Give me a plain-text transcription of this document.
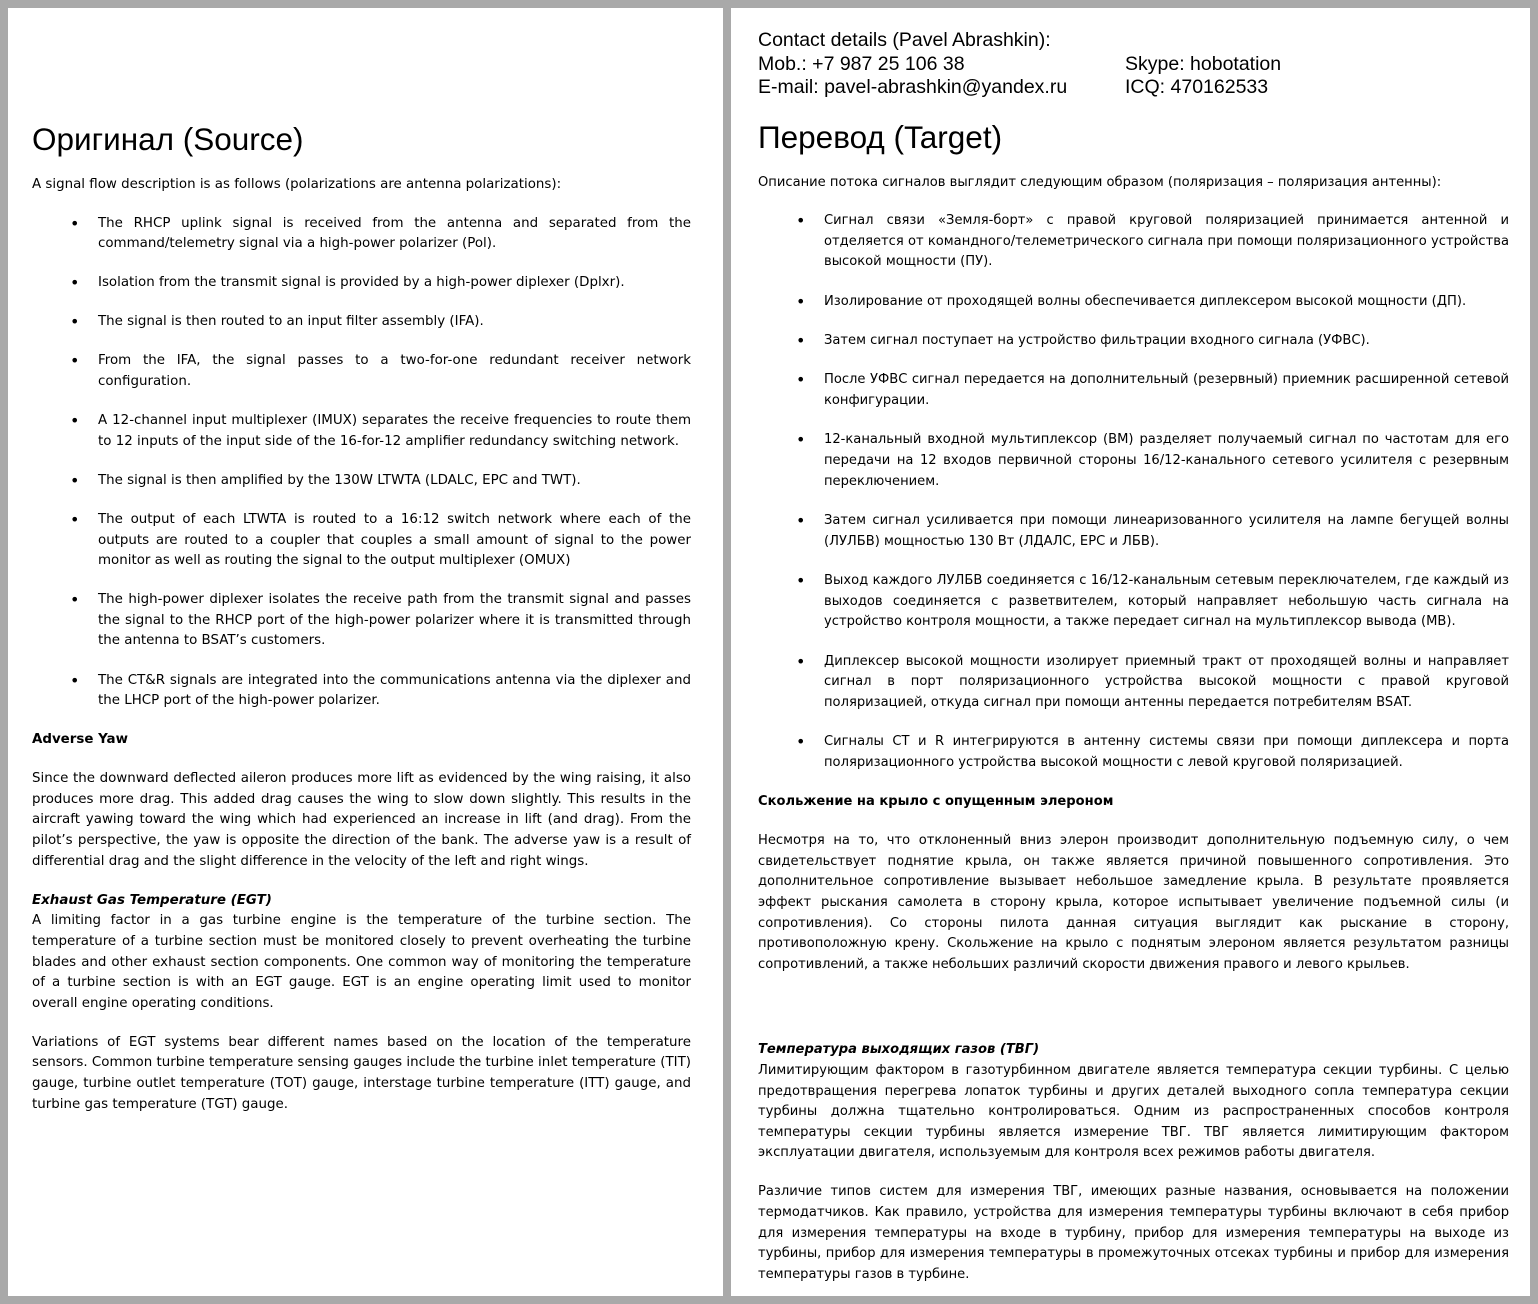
Оригинал (Source)

A signal flow description is as follows (polarizations are antenna polarizations):

• The RHCP uplink signal is received from the antenna and separated from the command/telemetry signal via a high-power polarizer (Pol).
• Isolation from the transmit signal is provided by a high-power diplexer (Dplxr).
• The signal is then routed to an input filter assembly (IFA).
• From the IFA, the signal passes to a two-for-one redundant receiver network configuration.
• A 12-channel input multiplexer (IMUX) separates the receive frequencies to route them to 12 inputs of the input side of the 16-for-12 amplifier redundancy switching network.
• The signal is then amplified by the 130W LTWTA (LDALC, EPC and TWT).
• The output of each LTWTA is routed to a 16:12 switch network where each of the outputs are routed to a coupler that couples a small amount of signal to the power monitor as well as routing the signal to the output multiplexer (OMUX)
• The high-power diplexer isolates the receive path from the transmit signal and passes the signal to the RHCP port of the high-power polarizer where it is transmitted through the antenna to BSAT’s customers.
• The CT&R signals are integrated into the communications antenna via the diplexer and the LHCP port of the high-power polarizer.

Adverse Yaw

Since the downward deflected aileron produces more lift as evidenced by the wing raising, it also produces more drag. This added drag causes the wing to slow down slightly. This results in the aircraft yawing toward the wing which had experienced an increase in lift (and drag). From the pilot’s perspective, the yaw is opposite the direction of the bank. The adverse yaw is a result of differential drag and the slight difference in the velocity of the left and right wings.

Exhaust Gas Temperature (EGT)

A limiting factor in a gas turbine engine is the temperature of the turbine section. The temperature of a turbine section must be monitored closely to prevent overheating the turbine blades and other exhaust section components. One common way of monitoring the temperature of a turbine section is with an EGT gauge. EGT is an engine operating limit used to monitor overall engine operating conditions.

Variations of EGT systems bear different names based on the location of the temperature sensors. Common turbine temperature sensing gauges include the turbine inlet temperature (TIT) gauge, turbine outlet temperature (TOT) gauge, interstage turbine temperature (ITT) gauge, and turbine gas temperature (TGT) gauge.

Contact details (Pavel Abrashkin):
Mob.: +7 987 25 106 38	Skype: hobotation
E-mail: pavel-abrashkin@yandex.ru	ICQ: 470162533
Перевод (Target)

Описание потока сигналов выглядит следующим образом (поляризация – поляризация антенны):

• Сигнал связи «Земля-борт» с правой круговой поляризацией принимается антенной и отделяется от командного/телеметрического сигнала при помощи поляризационного устройства высокой мощности (ПУ).
• Изолирование от проходящей волны обеспечивается диплексером высокой мощности (ДП).
• Затем сигнал поступает на устройство фильтрации входного сигнала (УФВС).
• После УФВС сигнал передается на дополнительный (резервный) приемник расширенной сетевой конфигурации.
• 12-канальный входной мультиплексор (ВМ) разделяет получаемый сигнал по частотам для его передачи на 12 входов первичной стороны 16/12-канального сетевого усилителя с резервным переключением.
• Затем сигнал усиливается при помощи линеаризованного усилителя на лампе бегущей волны (ЛУЛБВ) мощностью 130 Вт (ЛДАЛС, ЕРС и ЛБВ).
• Выход каждого ЛУЛБВ соединяется с 16/12-канальным сетевым переключателем, где каждый из выходов соединяется с разветвителем, который направляет небольшую часть сигнала на устройство контроля мощности, а также передает сигнал на мультиплексор вывода (МВ).
• Диплексер высокой мощности изолирует приемный тракт от проходящей волны и направляет сигнал в порт поляризационного устройства высокой мощности с правой круговой поляризацией, откуда сигнал при помощи антенны передается потребителям BSAT.
• Сигналы CT и R интегрируются в антенну системы связи при помощи диплексера и порта поляризационного устройства высокой мощности с левой круговой поляризацией.

Скольжение на крыло с опущенным элероном

Несмотря на то, что отклоненный вниз элерон производит дополнительную подъемную силу, о чем свидетельствует поднятие крыла, он также является причиной повышенного сопротивления. Это дополнительное сопротивление вызывает небольшое замедление крыла. В результате проявляется эффект рыскания самолета в сторону крыла, которое испытывает увеличение подъемной силы (и сопротивления). Со стороны пилота данная ситуация выглядит как рыскание в сторону, противоположную крену. Скольжение на крыло с поднятым элероном является результатом разницы сопротивлений, а также небольших различий скорости движения правого и левого крыльев.

Температура выходящих газов (ТВГ)

Лимитирующим фактором в газотурбинном двигателе является температура секции турбины. С целью предотвращения перегрева лопаток турбины и других деталей выходного сопла температура секции турбины должна тщательно контролироваться. Одним из распространенных способов контроля температуры секции турбины является измерение ТВГ. ТВГ является лимитирующим фактором эксплуатации двигателя, используемым для контроля всех режимов работы двигателя.

Различие типов систем для измерения ТВГ, имеющих разные названия, основывается на положении термодатчиков. Как правило, устройства для измерения температуры турбины включают в себя прибор для измерения температуры на входе в турбину, прибор для измерения температуры на выходе из турбины, прибор для измерения температуры в промежуточных отсеках турбины и прибор для измерения температуры газов в турбине.
